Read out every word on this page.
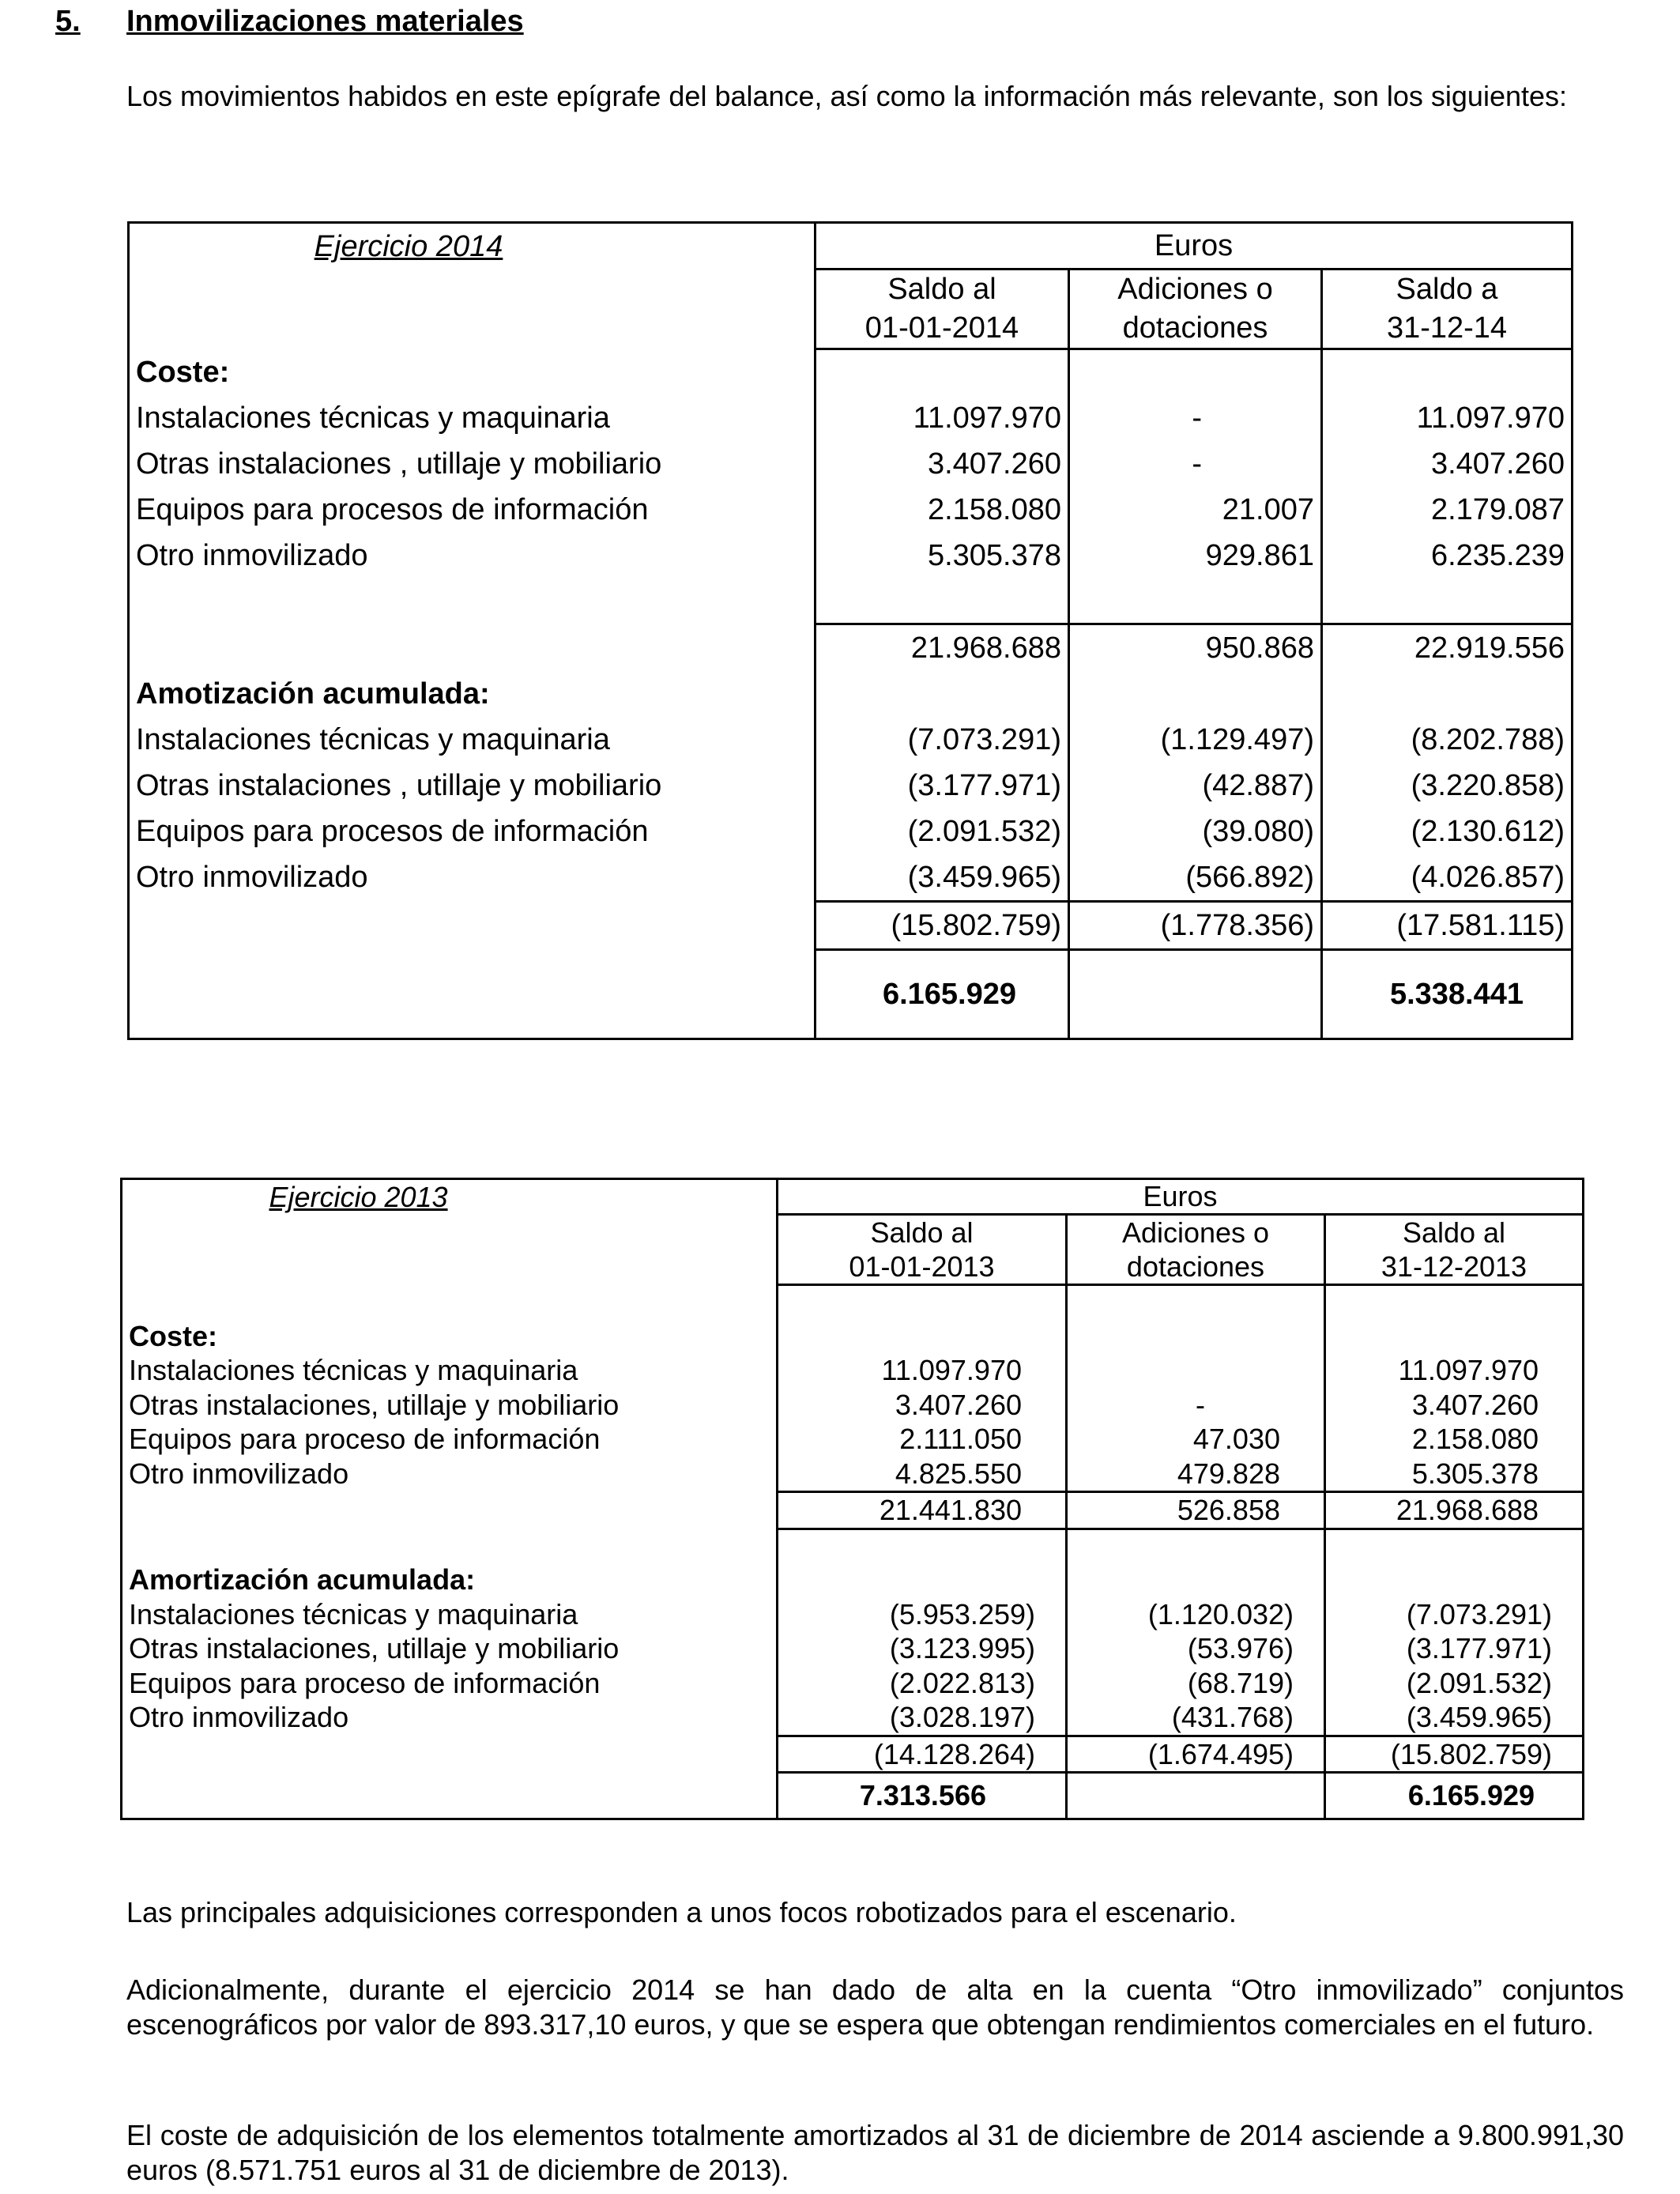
5. Inmovilizaciones materiales
Los movimientos habidos en este epígrafe del balance, así como la información más relevante, son los siguientes:
Ejercicio 2014	Euros		
	Saldo al	Adiciones o	Saldo a
	01-01-2014	dotaciones	31-12-14
Coste:			
Instalaciones técnicas y maquinaria	11.097.970	-	11.097.970
Otras instalaciones , utillaje y mobiliario	3.407.260	-	3.407.260
Equipos para procesos de información	2.158.080	21.007	2.179.087
Otro inmovilizado	5.305.378	929.861	6.235.239

	21.968.688	950.868	22.919.556
Amotización acumulada:			
Instalaciones técnicas y maquinaria	(7.073.291)	(1.129.497)	(8.202.788)
Otras instalaciones , utillaje y mobiliario	(3.177.971)	(42.887)	(3.220.858)
Equipos para procesos de información	(2.091.532)	(39.080)	(2.130.612)
Otro inmovilizado	(3.459.965)	(566.892)	(4.026.857)
	(15.802.759)	(1.778.356)	(17.581.115)
	6.165.929		5.338.441
Ejercicio 2013	Euros		
	Saldo al	Adiciones o	Saldo al
	01-01-2013	dotaciones	31-12-2013

Coste:			
Instalaciones técnicas y maquinaria	11.097.970		11.097.970
Otras instalaciones, utillaje y mobiliario	3.407.260	-	3.407.260
Equipos para proceso de información	2.111.050	47.030	2.158.080
Otro inmovilizado	4.825.550	479.828	5.305.378
	21.441.830	526.858	21.968.688

Amortización acumulada:			
Instalaciones técnicas y maquinaria	(5.953.259)	(1.120.032)	(7.073.291)
Otras instalaciones, utillaje y mobiliario	(3.123.995)	(53.976)	(3.177.971)
Equipos para proceso de información	(2.022.813)	(68.719)	(2.091.532)
Otro inmovilizado	(3.028.197)	(431.768)	(3.459.965)
	(14.128.264)	(1.674.495)	(15.802.759)
	7.313.566		6.165.929
Las principales adquisiciones corresponden a unos focos robotizados para el escenario.
Adicionalmente, durante el ejercicio 2014 se han dado de alta en la cuenta “Otro inmovilizado” conjuntos escenográficos por valor de 893.317,10 euros, y que se espera que obtengan rendimientos comerciales en el futuro.
El coste de adquisición de los elementos totalmente amortizados al 31 de diciembre de 2014 asciende a 9.800.991,30 euros (8.571.751 euros al 31 de diciembre de 2013).
